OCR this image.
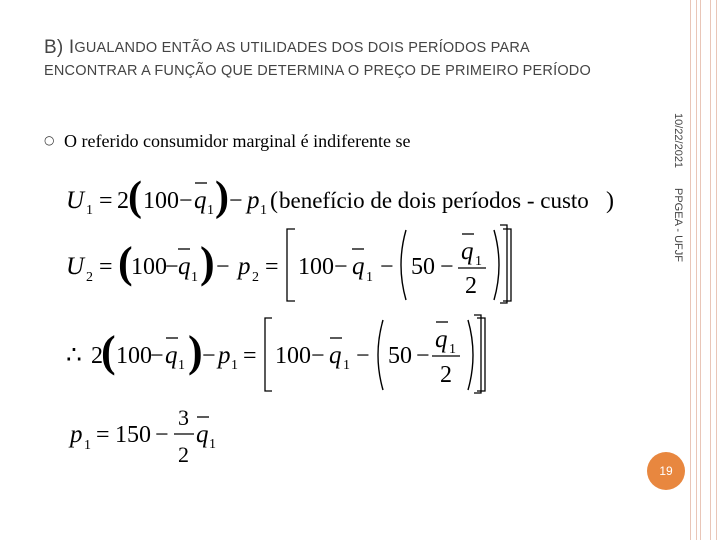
B) IGUALANDO ENTÃO AS UTILIDADES DOS DOIS PERÍODOS PARA ENCONTRAR A FUNÇÃO QUE DETERMINA O PREÇO DE PRIMEIRO PERÍODO
○ O referido consumidor marginal é indiferente se	10/22/2021
PPGEA - UFJF
U 1 = 2 ( 100 − q 1 ) − p 1 ( benefício de dois períodos - custo )
U 2 = (
100
− q 1 ) − p 2 = 100 − q 1 − 50 −
q 1
2
∴ 2
( 100
− q 1 ) − p 1 = 100 − q 1 − 50 −
q 1
2
p 1 = 150 −
3
2
q 1
19
